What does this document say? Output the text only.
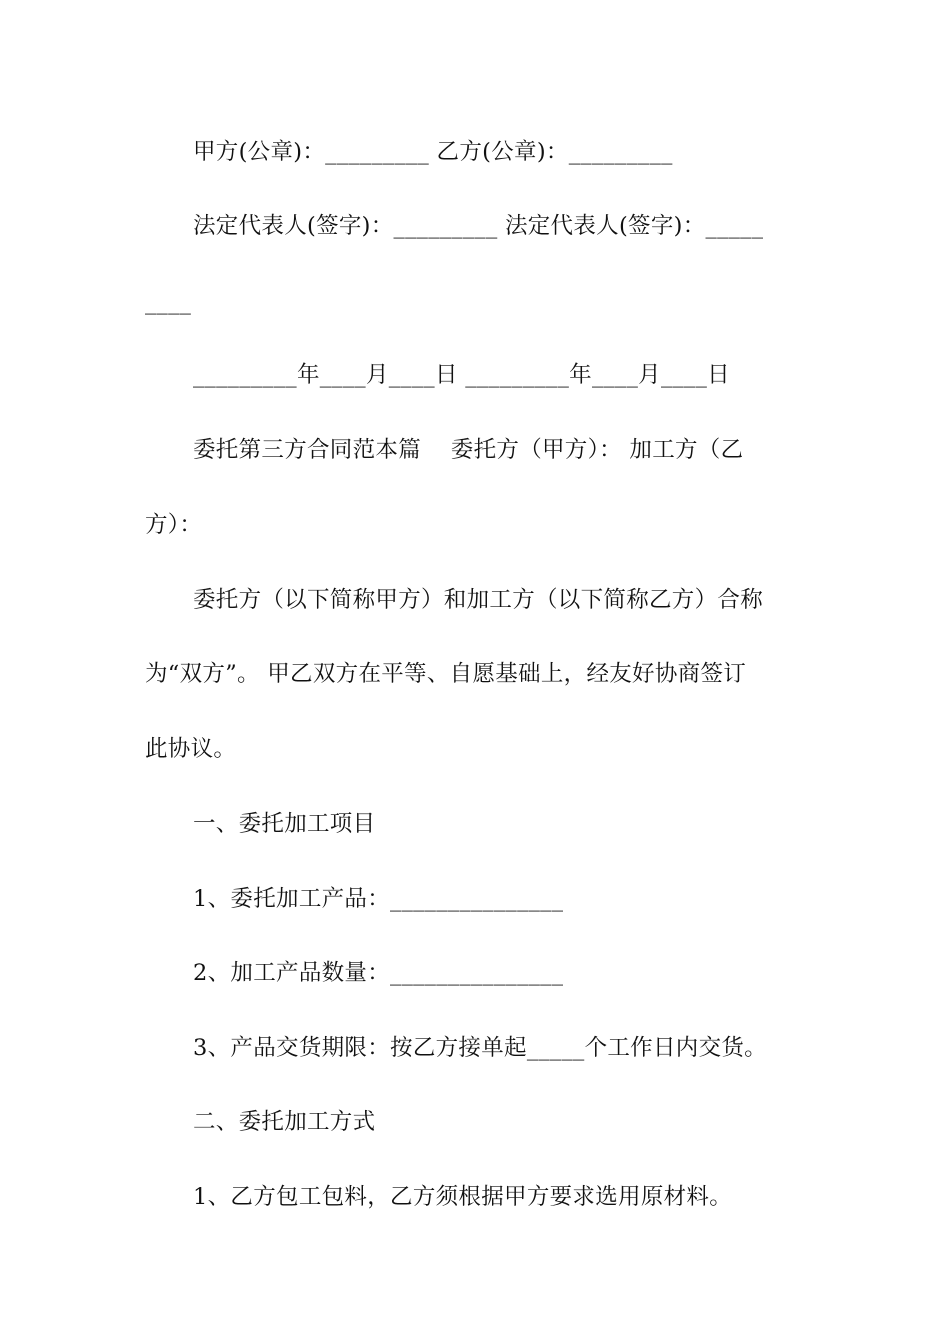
甲方(公章)：_________ 乙方(公章)：_________
法定代表人(签字)：_________ 法定代表人(签字)：_____
____
_________年____月____日 _________年____月____日
委托第三方合同范本篇    委托方（甲方）： 加工方（乙
方）：
委托方（以下简称甲方）和加工方（以下简称乙方）合称
为“双方”。 甲乙双方在平等、自愿基础上，经友好协商签订
此协议。
一、委托加工项目
1、委托加工产品：_______________
2、加工产品数量：_______________
3、产品交货期限：按乙方接单起_____个工作日内交货。
二、委托加工方式
1、乙方包工包料，乙方须根据甲方要求选用原材料。
